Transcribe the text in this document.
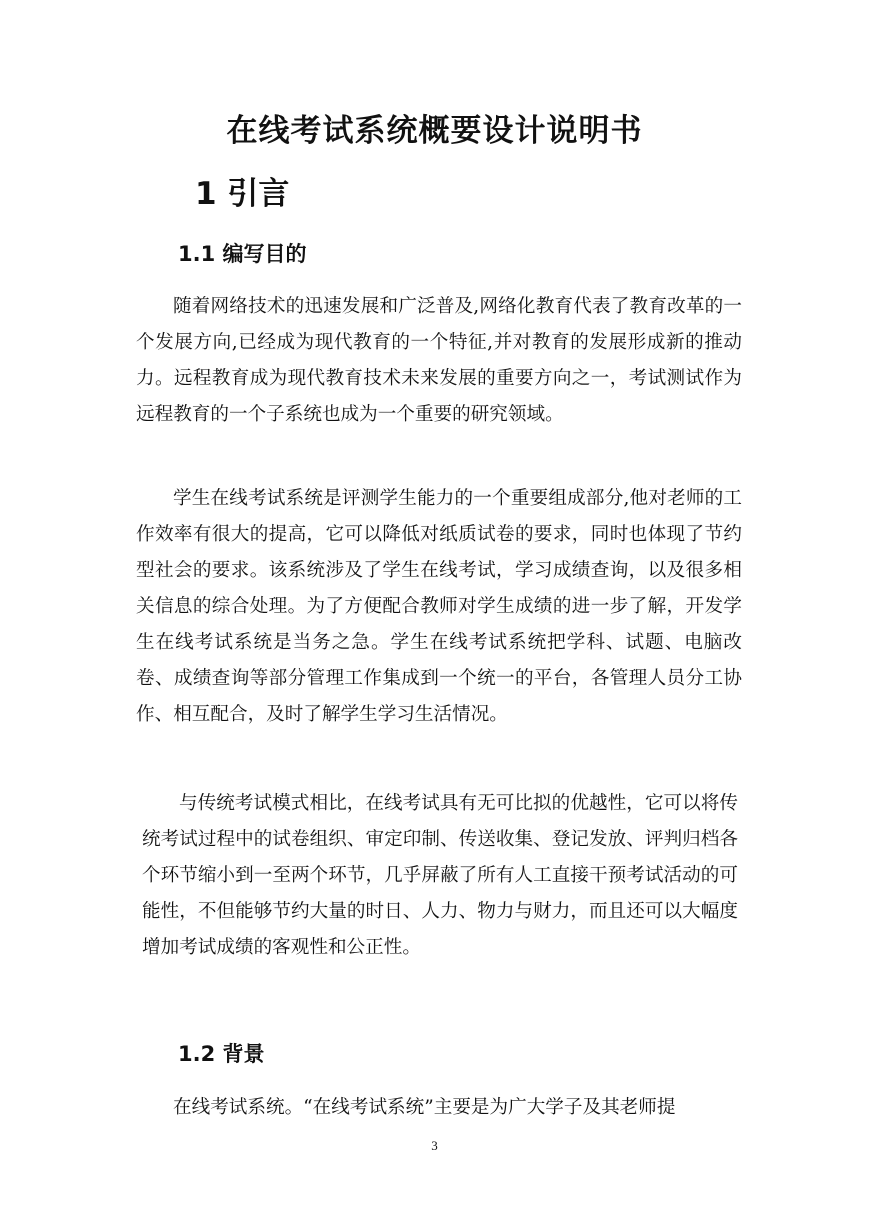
在线考试系统概要设计说明书
1 引言
1.1 编写目的

随着网络技术的迅速发展和广泛普及,网络化教育代表了教育改革的一个发展方向,已经成为现代教育的一个特征,并对教育的发展形成新的推动力。远程教育成为现代教育技术未来发展的重要方向之一，考试测试作为远程教育的一个子系统也成为一个重要的研究领域。

学生在线考试系统是评测学生能力的一个重要组成部分,他对老师的工作效率有很大的提高，它可以降低对纸质试卷的要求，同时也体现了节约型社会的要求。该系统涉及了学生在线考试，学习成绩查询，以及很多相关信息的综合处理。为了方便配合教师对学生成绩的进一步了解，开发学生在线考试系统是当务之急。学生在线考试系统把学科、试题、电脑改卷、成绩查询等部分管理工作集成到一个统一的平台，各管理人员分工协作、相互配合，及时了解学生学习生活情况。

与传统考试模式相比，在线考试具有无可比拟的优越性，它可以将传统考试过程中的试卷组织、审定印制、传送收集、登记发放、评判归档各个环节缩小到一至两个环节，几乎屏蔽了所有人工直接干预考试活动的可能性，不但能够节约大量的时日、人力、物力与财力，而且还可以大幅度增加考试成绩的客观性和公正性。

1.2 背景

在线考试系统。“在线考试系统”主要是为广大学子及其老师提

3
